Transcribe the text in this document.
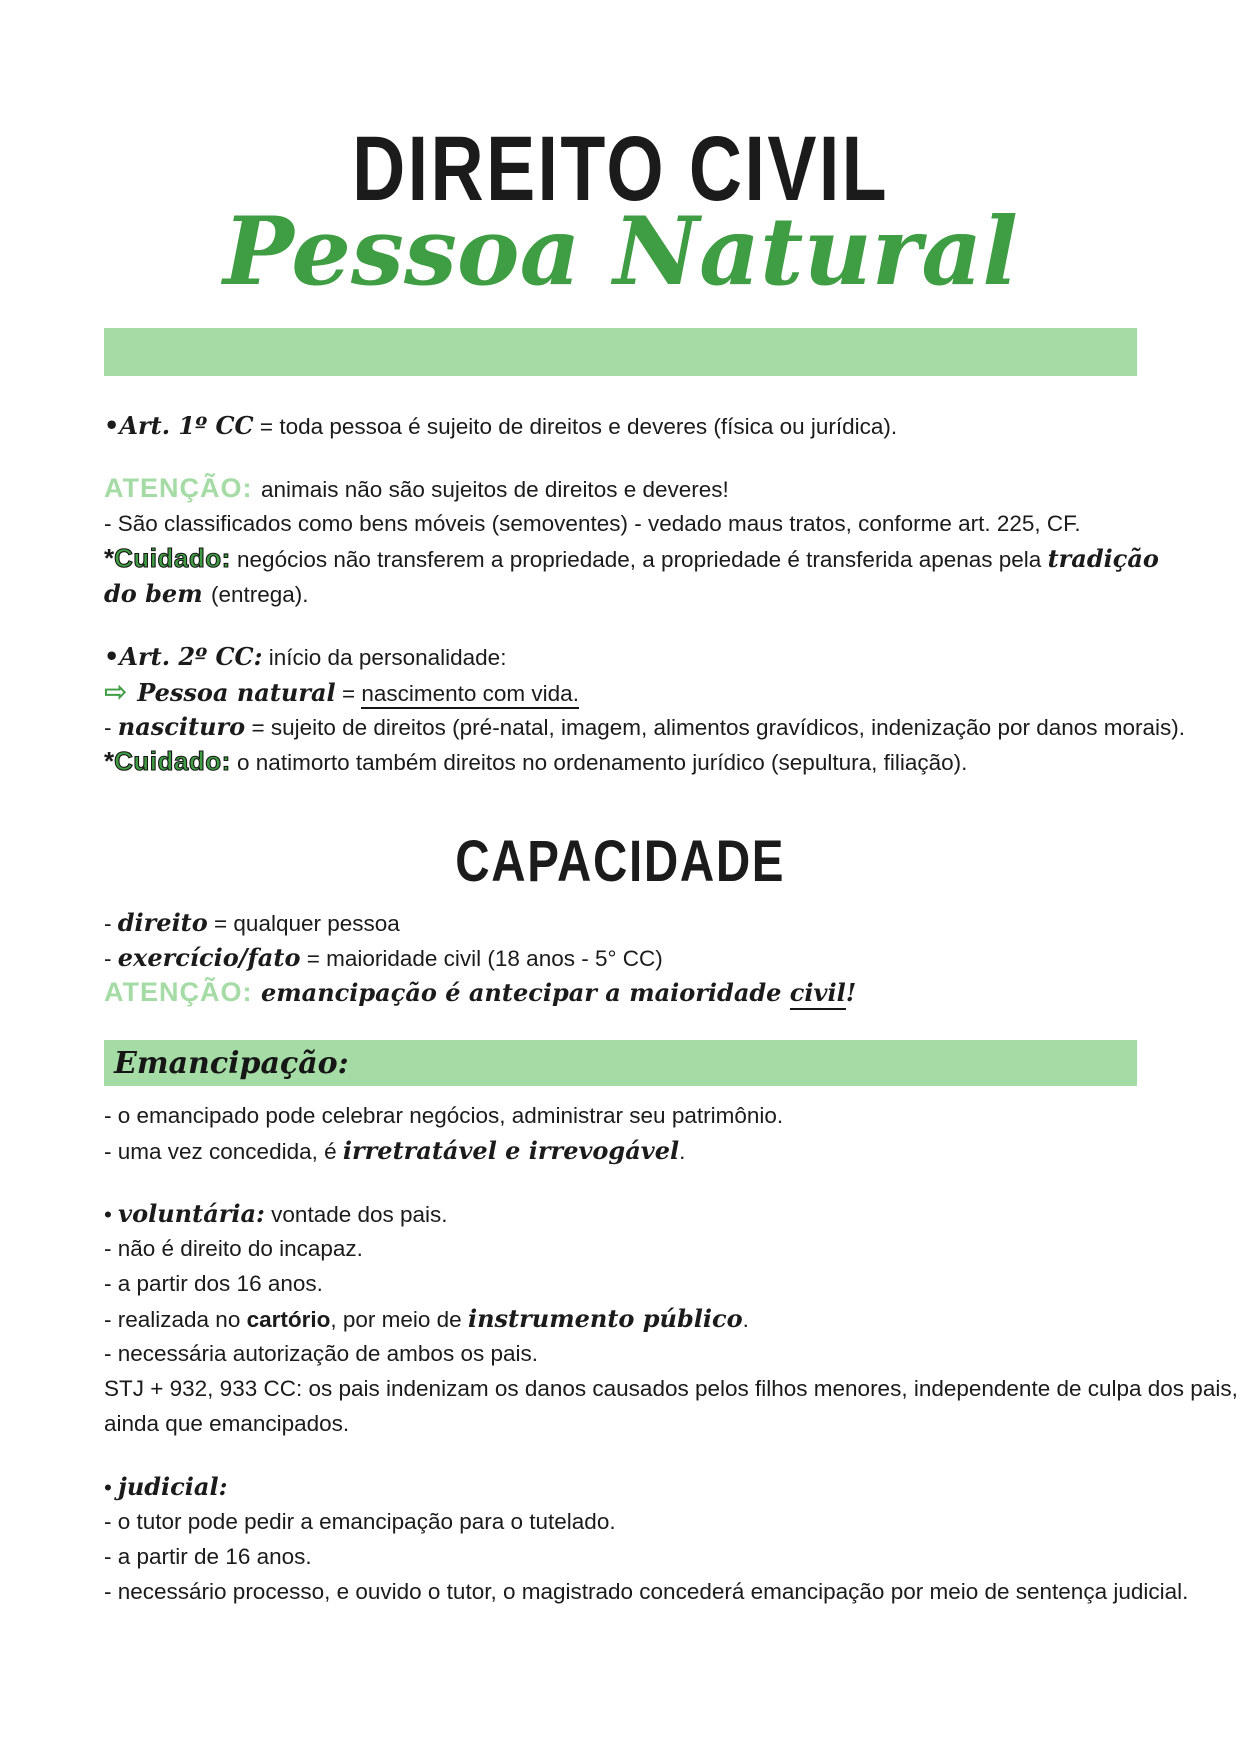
DIREITO CIVIL
Pessoa Natural
•Art. 1º CC = toda pessoa é sujeito de direitos e deveres (física ou jurídica).
ATENÇÃO: animais não são sujeitos de direitos e deveres!
- São classificados como bens móveis (semoventes) - vedado maus tratos, conforme art. 225, CF.
*Cuidado: negócios não transferem a propriedade, a propriedade é transferida apenas pela tradição
do bem (entrega).
•Art. 2º CC: início da personalidade:
⇨ Pessoa natural = nascimento com vida.
- nascituro = sujeito de direitos (pré-natal, imagem, alimentos gravídicos, indenização por danos morais).
*Cuidado: o natimorto também direitos no ordenamento jurídico (sepultura, filiação).
CAPACIDADE
- direito = qualquer pessoa
- exercício/fato = maioridade civil (18 anos - 5° CC)
ATENÇÃO: emancipação é antecipar a maioridade civil!
Emancipação:
- o emancipado pode celebrar negócios, administrar seu patrimônio.
- uma vez concedida, é irretratável e irrevogável.
• voluntária: vontade dos pais.
- não é direito do incapaz.
- a partir dos 16 anos.
- realizada no cartório, por meio de instrumento público.
- necessária autorização de ambos os pais.
STJ + 932, 933 CC: os pais indenizam os danos causados pelos filhos menores, independente de culpa dos pais,
ainda que emancipados.
• judicial:
- o tutor pode pedir a emancipação para o tutelado.
- a partir de 16 anos.
- necessário processo, e ouvido o tutor, o magistrado concederá emancipação por meio de sentença judicial.
